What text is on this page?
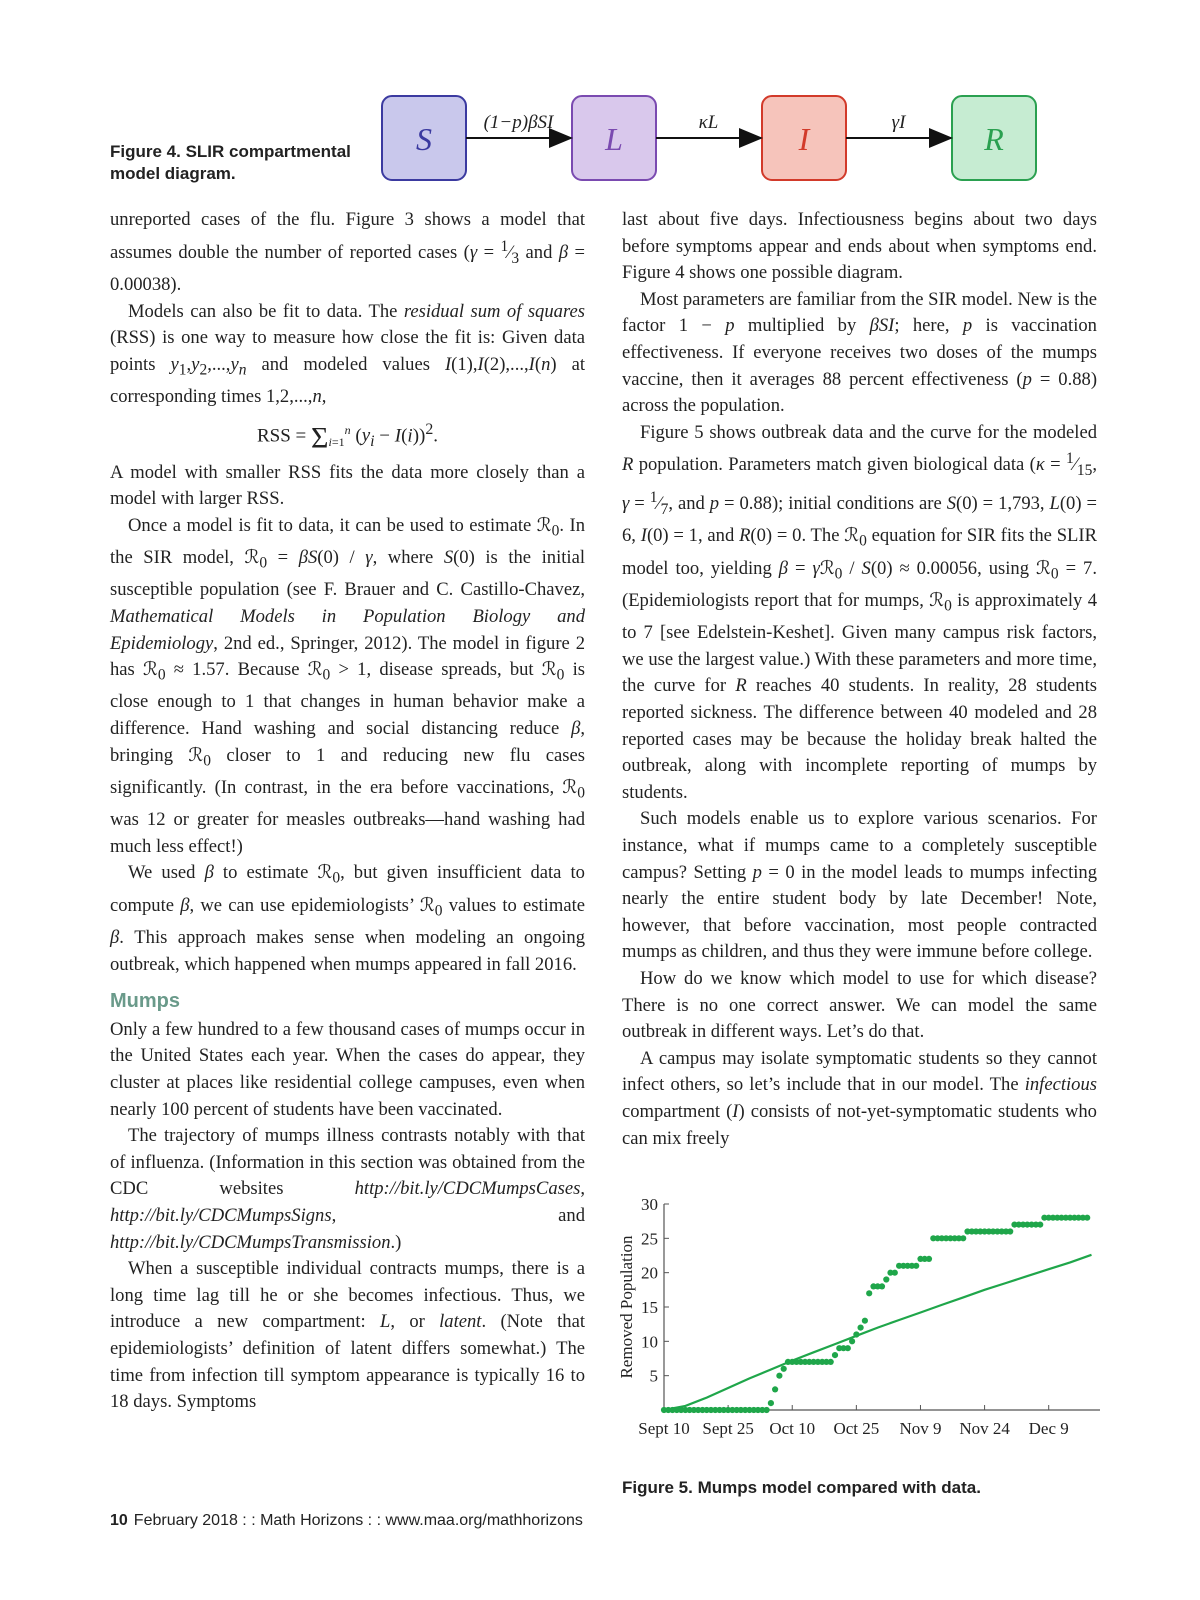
Figure 4. SLIR compartmental model diagram.
S	L	I	R
(1−p)βSI	κL	γI

unreported cases of the flu. Figure 3 shows a model that assumes double the number of reported cases ($\gamma = ^1⁄_3$ and β = 0.00038).

Models can also be fit to data. The residual sum of squares (RSS) is one way to measure how close the fit is: Given data points $y_1,y_2,...,y_n$ and modeled values I(1),I(2),...,I(n) at corresponding times 1,2,...,n,

RSS = $\Sigma_{i=1}^n$ $(y_i - I(i))^2$.

A model with smaller RSS fits the data more closely than a model with larger RSS.

Once a model is fit to data, it can be used to estimate ℛ$_0$. In the SIR model, ℛ$_0$ = βS(0) / γ, where S(0) is the initial susceptible population (see F. Brauer and C. Castillo-Chavez, Mathematical Models in Population Biology and Epidemiology, 2nd ed., Springer, 2012). The model in figure 2 has ℛ$_0$ ≈ 1.57. Because ℛ$_0$ > 1, disease spreads, but ℛ$_0$ is close enough to 1 that changes in human behavior make a difference. Hand washing and social distancing reduce β, bringing ℛ$_0$ closer to 1 and reducing new flu cases significantly. (In contrast, in the era before vaccinations, ℛ$_0$ was 12 or greater for measles outbreaks—hand washing had much less effect!)

We used β to estimate ℛ$_0$, but given insufficient data to compute β, we can use epidemiologists’ ℛ$_0$ values to estimate β. This approach makes sense when modeling an ongoing outbreak, which happened when mumps appeared in fall 2016.

Mumps

Only a few hundred to a few thousand cases of mumps occur in the United States each year. When the cases do appear, they cluster at places like residential college campuses, even when nearly 100 percent of students have been vaccinated.

The trajectory of mumps illness contrasts notably with that of influenza. (Information in this section was obtained from the CDC websites http://bit.ly/CDCMumpsCases, http://bit.ly/CDCMumpsSigns, and http://bit.ly/CDCMumpsTransmission.)

When a susceptible individual contracts mumps, there is a long time lag till he or she becomes infectious. Thus, we introduce a new compartment: L, or latent. (Note that epidemiologists’ definition of latent differs somewhat.) The time from infection till symptom appearance is typically 16 to 18 days. Symptoms

last about five days. Infectiousness begins about two days before symptoms appear and ends about when symptoms end. Figure 4 shows one possible diagram.

Most parameters are familiar from the SIR model. New is the factor 1 − p multiplied by βSI; here, p is vaccination effectiveness. If everyone receives two doses of the mumps vaccine, then it averages 88 percent effectiveness (p = 0.88) across the population.

Figure 5 shows outbreak data and the curve for the modeled R population. Parameters match given biological data ($\kappa = ^1⁄_{15}$, $\gamma = ^1⁄_7$, and p = 0.88); initial conditions are S(0) = 1,793, L(0) = 6, I(0) = 1, and R(0) = 0. The ℛ$_0$ equation for SIR fits the SLIR model too, yielding β = γℛ$_0$ / S(0) ≈ 0.00056, using ℛ$_0$ = 7. (Epidemiologists report that for mumps, ℛ$_0$ is approximately 4 to 7 [see Edelstein-Keshet]. Given many campus risk factors, we use the largest value.) With these parameters and more time, the curve for R reaches 40 students. In reality, 28 students reported sickness. The difference between 40 modeled and 28 reported cases may be because the holiday break halted the outbreak, along with incomplete reporting of mumps by students.

Such models enable us to explore various scenarios. For instance, what if mumps came to a completely susceptible campus? Setting p = 0 in the model leads to mumps infecting nearly the entire student body by late December! Note, however, that before vaccination, most people contracted mumps as children, and thus they were immune before college.

How do we know which model to use for which disease? There is no one correct answer. We can model the same outbreak in different ways. Let’s do that.

A campus may isolate symptomatic students so they cannot infect others, so let’s include that in our model. The infectious compartment (I) consists of not-yet-symptomatic students who can mix freely

5
10
15
20
25
30
Sept 10 Sept 25 Oct 10 Oct 25 Nov 9 Nov 24 Dec 9
Removed Population
Figure 5. Mumps model compared with data.
10 February 2018 : : Math Horizons : : www.maa.org/mathhorizons
